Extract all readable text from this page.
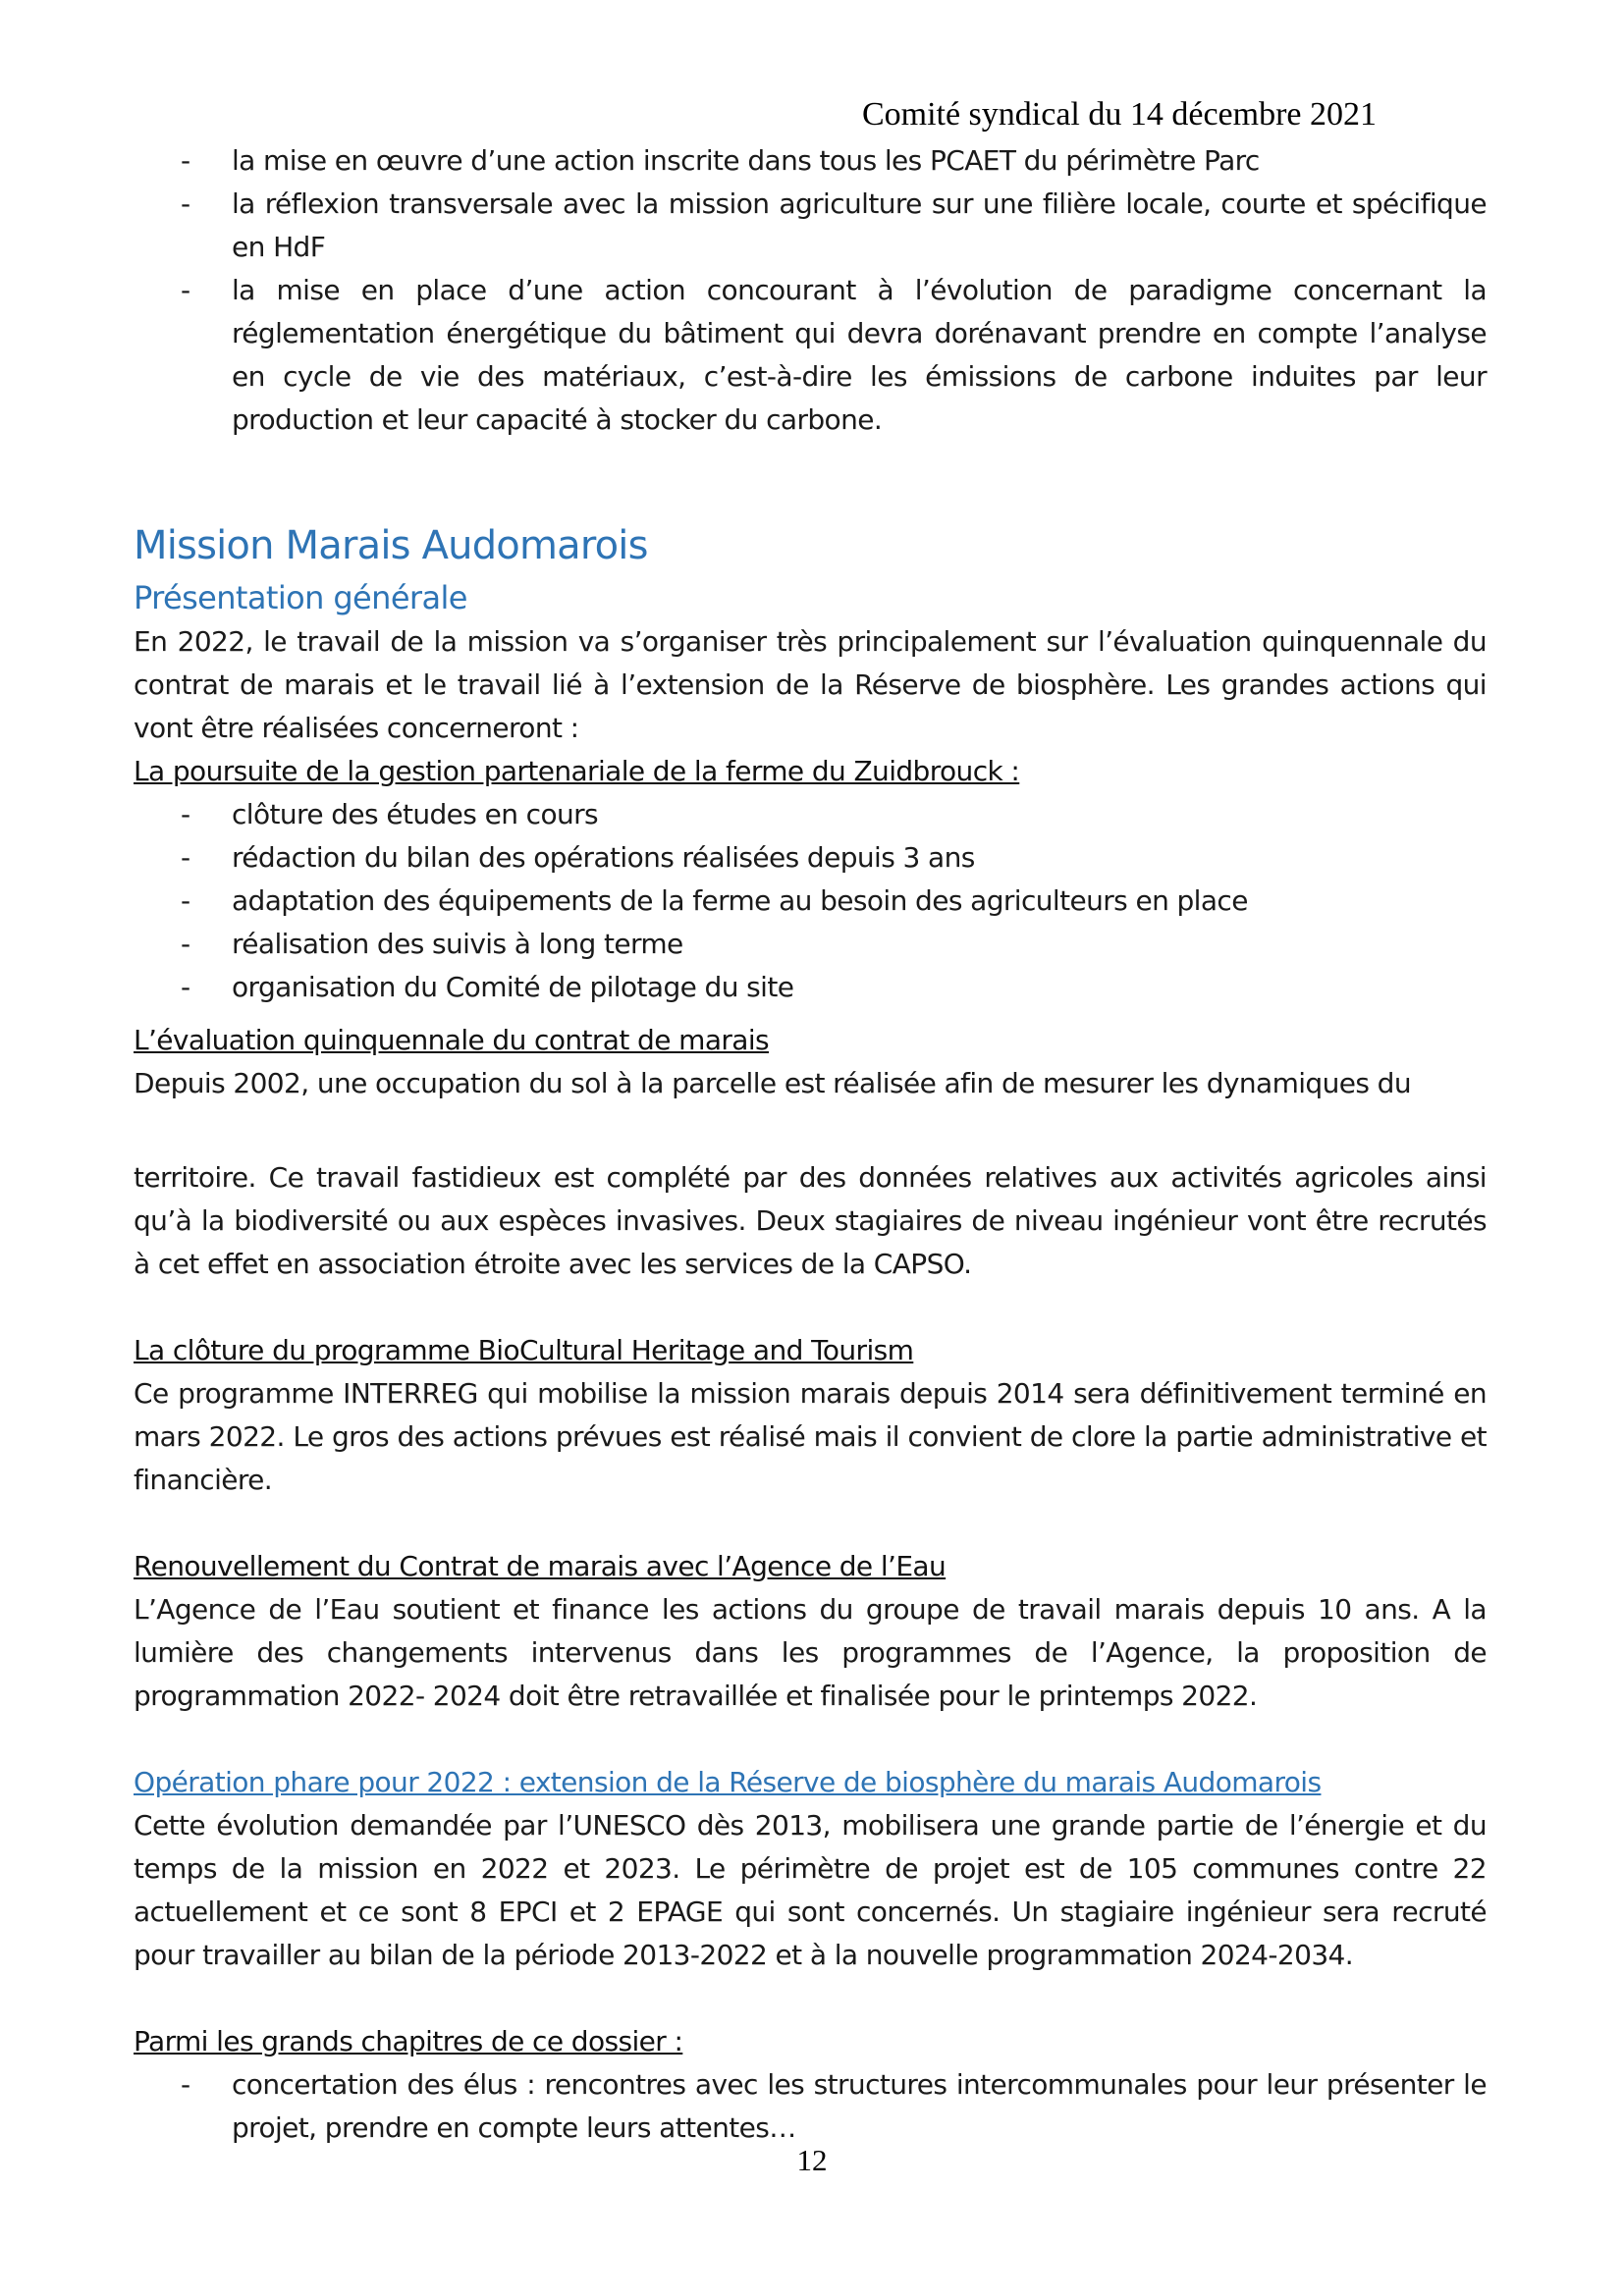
Comité syndical du 14 décembre 2021
- la mise en œuvre d’une action inscrite dans tous les PCAET du périmètre Parc
- la réflexion transversale avec la mission agriculture sur une filière locale, courte et spécifique en HdF
- la mise en place d’une action concourant à l’évolution de paradigme concernant la réglementation énergétique du bâtiment qui devra dorénavant prendre en compte l’analyse en cycle de vie des matériaux, c’est-à-dire les émissions de carbone induites par leur production et leur capacité à stocker du carbone.
Mission Marais Audomarois
Présentation générale

En 2022, le travail de la mission va s’organiser très principalement sur l’évaluation quinquennale du contrat de marais et le travail lié à l’extension de la Réserve de biosphère. Les grandes actions qui vont être réalisées concerneront :

La poursuite de la gestion partenariale de la ferme du Zuidbrouck :
- clôture des études en cours
- rédaction du bilan des opérations réalisées depuis 3 ans
- adaptation des équipements de la ferme au besoin des agriculteurs en place
- réalisation des suivis à long terme
- organisation du Comité de pilotage du site
L’évaluation quinquennale du contrat de marais

Depuis 2002, une occupation du sol à la parcelle est réalisée afin de mesurer les dynamiques du

territoire. Ce travail fastidieux est complété par des données relatives aux activités agricoles ainsi qu’à la biodiversité ou aux espèces invasives. Deux stagiaires de niveau ingénieur vont être recrutés à cet effet en association étroite avec les services de la CAPSO.

La clôture du programme BioCultural Heritage and Tourism

Ce programme INTERREG qui mobilise la mission marais depuis 2014 sera définitivement terminé en mars 2022. Le gros des actions prévues est réalisé mais il convient de clore la partie administrative et financière.

Renouvellement du Contrat de marais avec l’Agence de l’Eau

L’Agence de l’Eau soutient et finance les actions du groupe de travail marais depuis 10 ans. A la lumière des changements intervenus dans les programmes de l’Agence, la proposition de programmation 2022- 2024 doit être retravaillée et finalisée pour le printemps 2022.

Opération phare pour 2022 : extension de la Réserve de biosphère du marais Audomarois

Cette évolution demandée par l’UNESCO dès 2013, mobilisera une grande partie de l’énergie et du temps de la mission en 2022 et 2023. Le périmètre de projet est de 105 communes contre 22 actuellement et ce sont 8 EPCI et 2 EPAGE qui sont concernés. Un stagiaire ingénieur sera recruté pour travailler au bilan de la période 2013-2022 et à la nouvelle programmation 2024-2034.

Parmi les grands chapitres de ce dossier :
- concertation des élus : rencontres avec les structures intercommunales pour leur présenter le projet, prendre en compte leurs attentes…
12
